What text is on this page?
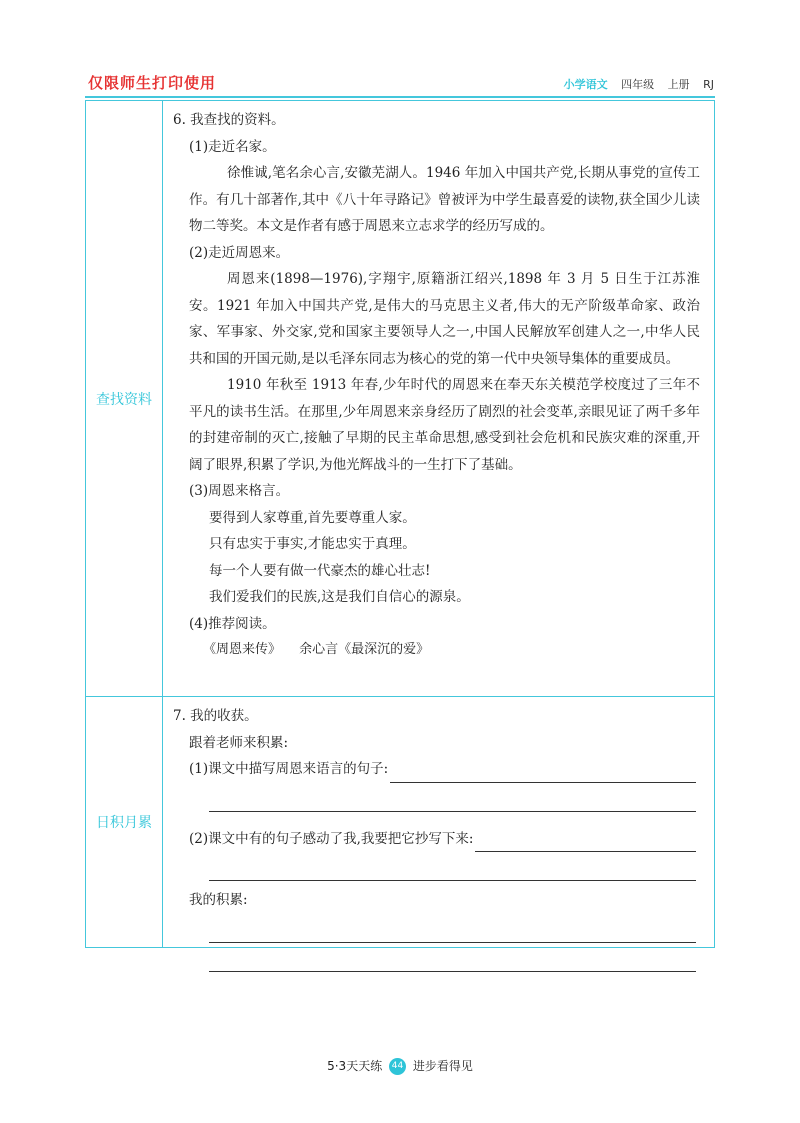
仅限师生打印使用	小学语文 四年级 上册 RJ
查找资料
6. 我查找的资料。
(1)走近名家。
徐惟诚,笔名余心言,安徽芜湖人。1946 年加入中国共产党,长期从事党的宣传工作。有几十部著作,其中《八十年寻路记》曾被评为中学生最喜爱的读物,获全国少儿读物二等奖。本文是作者有感于周恩来立志求学的经历写成的。
(2)走近周恩来。
周恩来(1898—1976),字翔宇,原籍浙江绍兴,1898 年 3 月 5 日生于江苏淮安。1921 年加入中国共产党,是伟大的马克思主义者,伟大的无产阶级革命家、政治家、军事家、外交家,党和国家主要领导人之一,中国人民解放军创建人之一,中华人民共和国的开国元勋,是以毛泽东同志为核心的党的第一代中央领导集体的重要成员。
1910 年秋至 1913 年春,少年时代的周恩来在奉天东关模范学校度过了三年不平凡的读书生活。在那里,少年周恩来亲身经历了剧烈的社会变革,亲眼见证了两千多年的封建帝制的灭亡,接触了早期的民主革命思想,感受到社会危机和民族灾难的深重,开阔了眼界,积累了学识,为他光辉战斗的一生打下了基础。
(3)周恩来格言。
要得到人家尊重,首先要尊重人家。
只有忠实于事实,才能忠实于真理。
每一个人要有做一代豪杰的雄心壮志!
我们爱我们的民族,这是我们自信心的源泉。
(4)推荐阅读。
《周恩来传》 余心言《最深沉的爱》
日积月累
7. 我的收获。
跟着老师来积累:
(1)课文中描写周恩来语言的句子:
(2)课文中有的句子感动了我,我要把它抄写下来:
我的积累:
5·3天天练 44 进步看得见
